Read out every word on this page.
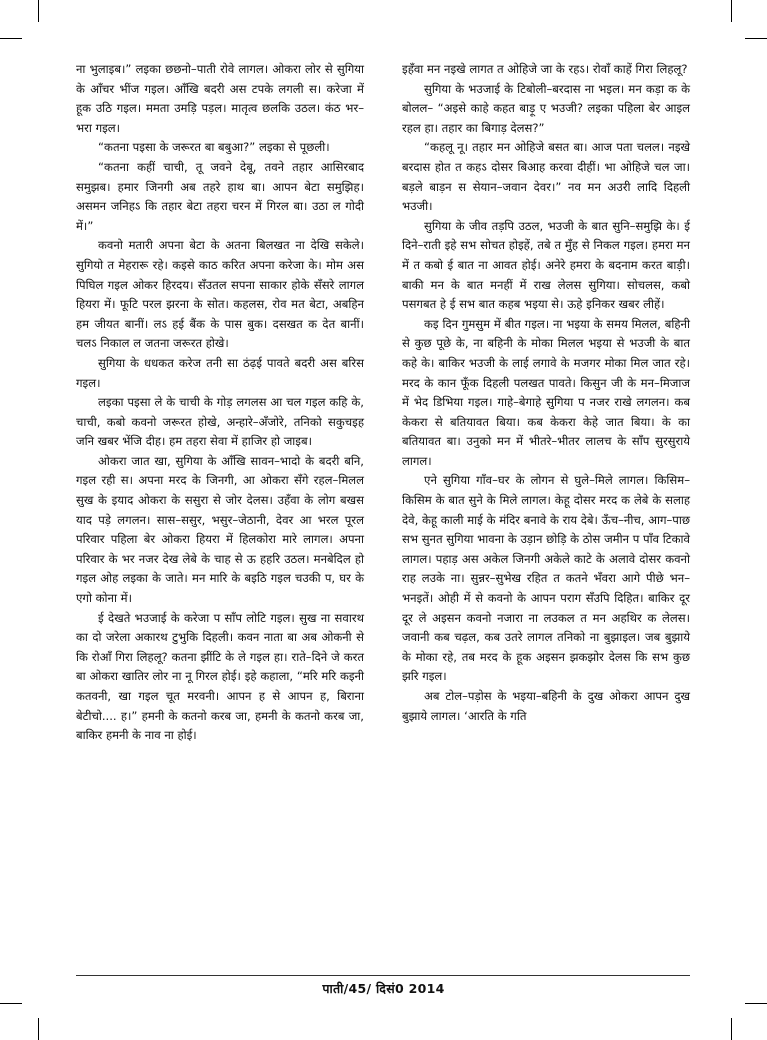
ना भुलाइब।” लइका छछनो–पाती रोवे लागल। ओकरा लोर से सुगिया के आँचर भींज गइल। आँखि बदरी अस टपके लगली स। करेजा में हूक उठि गइल। ममता उमड़ि पड़ल। मातृत्व छलकि उठल। कंठ भर–भरा गइल।

“कतना पइसा के जरूरत बा बबुआ?” लइका से पूछली।

“कतना कहीं चाची, तू जवने देबू, तवने तहार आसिरबाद समुझब। हमार जिनगी अब तहरे हाथ बा। आपन बेटा समुझिह। असमन जनिहऽ कि तहार बेटा तहरा चरन में गिरल बा। उठा ल गोदी में।”

कवनो मतारी अपना बेटा के अतना बिलखत ना देखि सकेले। सुगियो त मेहरारू रहे। कइसे काठ करित अपना करेजा के। मोम अस पिघिल गइल ओकर हिरदय। सँउतल सपना साकार होके सँसरे लागल हियरा में। फूटि परल झरना के सोत। कहलस, रोव मत बेटा, अबहिन हम जीयत बानीं। लऽ हई बैंक के पास बुक। दसखत क देत बानीं। चलऽ निकाल ल जतना जरूरत होखे।

सुगिया के धधकत करेज तनी सा ठंढ़ई पावते बदरी अस बरिस गइल।

लइका पइसा ले के चाची के गोड़ लगलस आ चल गइल कहि के, चाची, कबो कवनो जरूरत होखे, अन्हारे–अँजोरे, तनिको सकुचइह जनि खबर भेंजि दीह। हम तहरा सेवा में हाजिर हो जाइब।

ओकरा जात खा, सुगिया के आँखि सावन–भादो के बदरी बनि, गइल रही स। अपना मरद के जिनगी, आ ओकरा सँगे रहल–मिलल सुख के इयाद ओकरा के ससुरा से जोर देलस। उहँवा के लोग बखस याद पड़े लगलन। सास–ससुर, भसुर–जेठानी, देवर आ भरल पूरल परिवार पहिला बेर ओकरा हियरा में हिलकोरा मारे लागल। अपना परिवार के भर नजर देख लेबे के चाह से ऊ हहरि उठल। मनबेदिल हो गइल ओह लइका के जाते। मन मारि के बइठि गइल चउकी प, घर के एगो कोना में।

ई देखते भउजाई के करेजा प साँप लोटि गइल। सुख ना सवारथ का दो जरेला अकारथ टुभुकि दिहली। कवन नाता बा अब ओकनी से कि रोआँ गिरा लिहलू? कतना झींटि के ले गइल हा। राते–दिने जे करत बा ओकरा खातिर लोर ना नू गिरल होई। इहे कहाला, “मरि मरि कइनी कतवनी, खा गइल चूत मरवनी। आपन ह से आपन ह, बिराना बेटीचो.... ह।” हमनी के कतनो करब जा, हमनी के कतनो करब जा, बाकिर हमनी के नाव ना होई।

इहँवा मन नइखे लागत त ओहिजे जा के रहऽ। रोवाँ काहें गिरा लिहलू?

सुगिया के भउजाई के टिबोली–बरदास ना भइल। मन कड़ा क के बोलल– “अइसे काहे कहत बाड़ू ए भउजी? लइका पहिला बेर आइल रहल हा। तहार का बिगाड़ देलस?”

“कहलू नू। तहार मन ओहिजे बसत बा। आज पता चलल। नइखे बरदास होत त कहऽ दोसर बिआह करवा दीहीं। भा ओहिजे चल जा। बड़ले बाड़न स सेयान–जवान देवर।” नव मन अउरी लादि दिहली भउजी।

सुगिया के जीव तड़पि उठल, भउजी के बात सुनि–समुझि के। ई दिने–राती इहे सभ सोचत होइहें, तबे त मुँह से निकल गइल। हमरा मन में त कबो ई बात ना आवत होई। अनेरे हमरा के बदनाम करत बाड़ी। बाकी मन के बात मनहीं में राख लेलस सुगिया। सोचलस, कबो पसगबत हे ई सभ बात कहब भइया से। ऊहे इनिकर खबर लीहें।

कइ दिन गुमसुम में बीत गइल। ना भइया के समय मिलल, बहिनी से कुछ पूछे के, ना बहिनी के मोका मिलल भइया से भउजी के बात कहे के। बाकिर भउजी के लाई लगावे के मजगर मोका मिल जात रहे। मरद के कान फूँक दिहली पलखत पावते। किसुन जी के मन–मिजाज में भेद डिभिया गइल। गाहे–बेगाहे सुगिया प नजर राखे लगलन। कब केकरा से बतियावत बिया। कब केकरा केहे जात बिया। के का बतियावत बा। उनुको मन में भीतरे–भीतर लालच के साँप सुरसुराये लागल।

एने सुगिया गाँव–घर के लोगन से घुले–मिले लागल। किसिम–किसिम के बात सुने के मिले लागल। केहू दोसर मरद क लेबे के सलाह देवे, केहू काली माई के मंदिर बनावे के राय देबे। ऊँच–नीच, आग–पाछ सभ सुनत सुगिया भावना के उड़ान छोड़ि के ठोस जमीन प पाँव टिकावे लागल। पहाड़ अस अकेल जिनगी अकेले काटे के अलावे दोसर कवनो राह लउके ना। सुन्नर–सुभेख रहित त कतने भँवरा आगे पीछे भन–भनइतें। ओही में से कवनो के आपन पराग सँउपि दिहित। बाकिर दूर दूर ले अइसन कवनो नजारा ना लउकल त मन अहथिर क लेलस। जवानी कब चढ़ल, कब उतरे लागल तनिको ना बुझाइल। जब बुझाये के मोका रहे, तब मरद के हूक अइसन झकझोर देलस कि सभ कुछ झरि गइल।

अब टोल–पड़ोस के भइया–बहिनी के दुख ओकरा आपन दुख बुझाये लागल। ‘आरति के गति

पाती/45/ दिसं0 2014
